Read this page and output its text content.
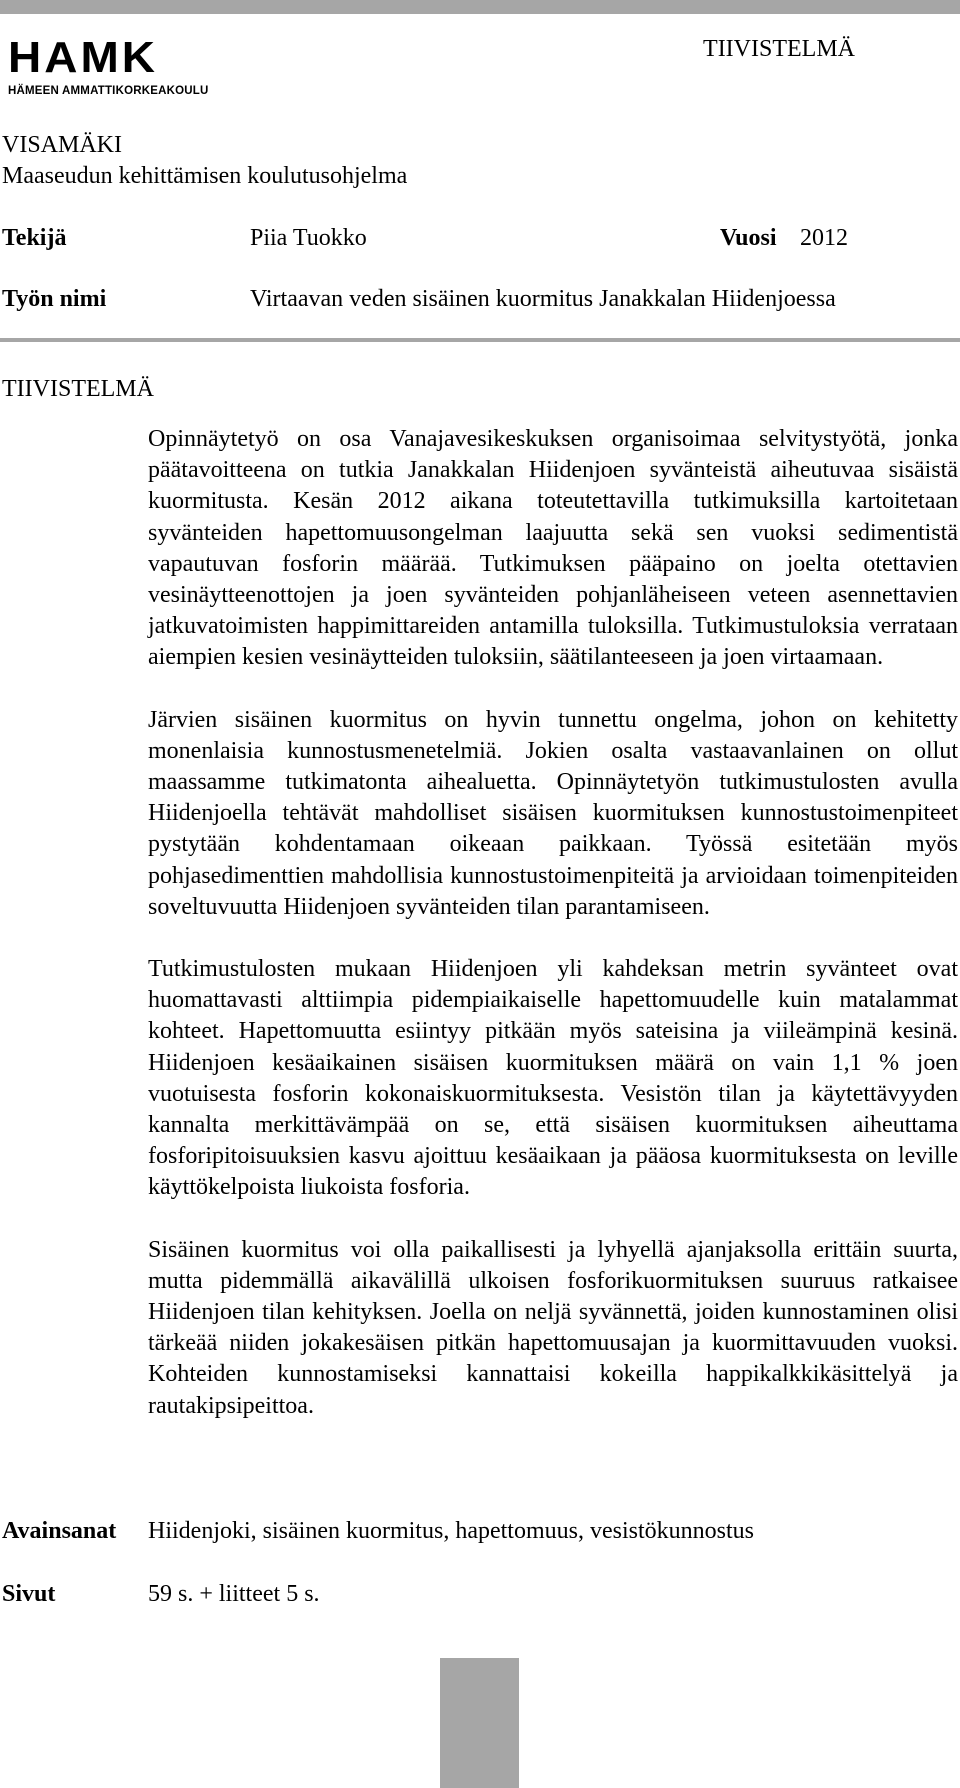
HAMK
HÄMEEN AMMATTIKORKEAKOULU
TIIVISTELMÄ
VISAMÄKI
Maaseudun kehittämisen koulutusohjelma
Tekijä	Piia Tuokko	Vuosi 2012
Työn nimi	Virtaavan veden sisäinen kuormitus Janakkalan Hiidenjoessa
TIIVISTELMÄ

Opinnäytetyö on osa Vanajavesikeskuksen organisoimaa selvitystyötä, jonka päätavoitteena on tutkia Janakkalan Hiidenjoen syvänteistä aiheutuvaa sisäistä kuormitusta. Kesän 2012 aikana toteutettavilla tutkimuksilla kartoitetaan syvänteiden hapettomuusongelman laajuutta sekä sen vuoksi sedimentistä vapautuvan fosforin määrää. Tutkimuksen pääpaino on joelta otettavien vesinäytteenottojen ja joen syvänteiden pohjanläheiseen veteen asennettavien jatkuvatoimisten happimittareiden antamilla tuloksilla. Tutkimustuloksia verrataan aiempien kesien vesinäytteiden tuloksiin, säätilanteeseen ja joen virtaamaan.

Järvien sisäinen kuormitus on hyvin tunnettu ongelma, johon on kehitetty monenlaisia kunnostusmenetelmiä. Jokien osalta vastaavanlainen on ollut maassamme tutkimatonta aihealuetta. Opinnäytetyön tutkimustulosten avulla Hiidenjoella tehtävät mahdolliset sisäisen kuormituksen kunnostustoimenpiteet pystytään kohdentamaan oikeaan paikkaan. Työssä esitetään myös pohjasedimenttien mahdollisia kunnostustoimenpiteitä ja arvioidaan toimenpiteiden soveltuvuutta Hiidenjoen syvänteiden tilan parantamiseen.

Tutkimustulosten mukaan Hiidenjoen yli kahdeksan metrin syvänteet ovat huomattavasti alttiimpia pidempiaikaiselle hapettomuudelle kuin matalammat kohteet. Hapettomuutta esiintyy pitkään myös sateisina ja viileämpinä kesinä. Hiidenjoen kesäaikainen sisäisen kuormituksen määrä on vain 1,1 % joen vuotuisesta fosforin kokonaiskuormituksesta. Vesistön tilan ja käytettävyyden kannalta merkittävämpää on se, että sisäisen kuormituksen aiheuttama fosforipitoisuuksien kasvu ajoittuu kesäaikaan ja pääosa kuormituksesta on leville käyttökelpoista liukoista fosforia.

Sisäinen kuormitus voi olla paikallisesti ja lyhyellä ajanjaksolla erittäin suurta, mutta pidemmällä aikavälillä ulkoisen fosforikuormituksen suuruus ratkaisee Hiidenjoen tilan kehityksen. Joella on neljä syvännettä, joiden kunnostaminen olisi tärkeää niiden jokakesäisen pitkän hapettomuusajan ja kuormittavuuden vuoksi. Kohteiden kunnostamiseksi kannattaisi kokeilla happikalkkikäsittelyä ja rautakipsipeittoa.

Avainsanat Hiidenjoki, sisäinen kuormitus, hapettomuus, vesistökunnostus
Sivut	59 s. + liitteet 5 s.
